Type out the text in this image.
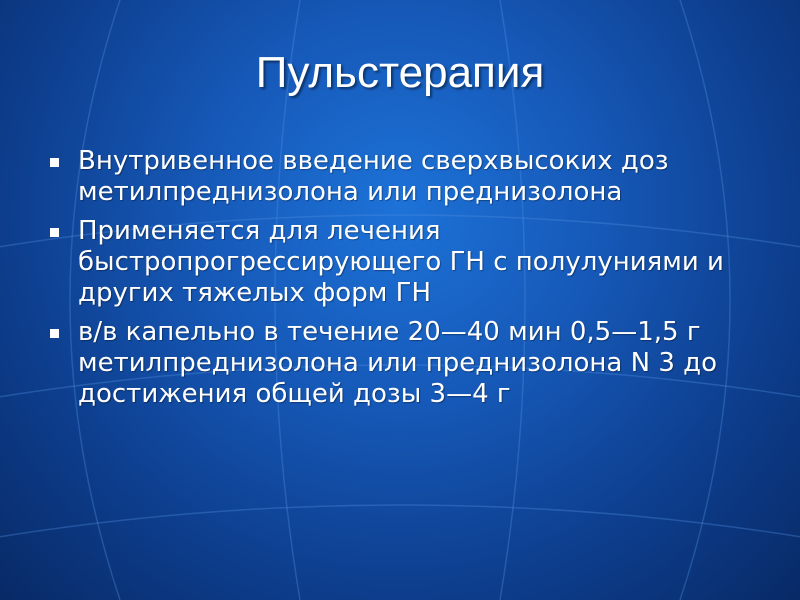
Пульстерапия
Внутривенное введение сверхвысоких доз метилпреднизолона или преднизолона
Применяется для лечения быстропрогрессирующего ГН с полулуниями и других тяжелых форм ГН
в/в капельно в течение 20—40 мин 0,5—1,5 г метилпреднизолона или преднизолона N 3 до достижения общей дозы 3—4 г
